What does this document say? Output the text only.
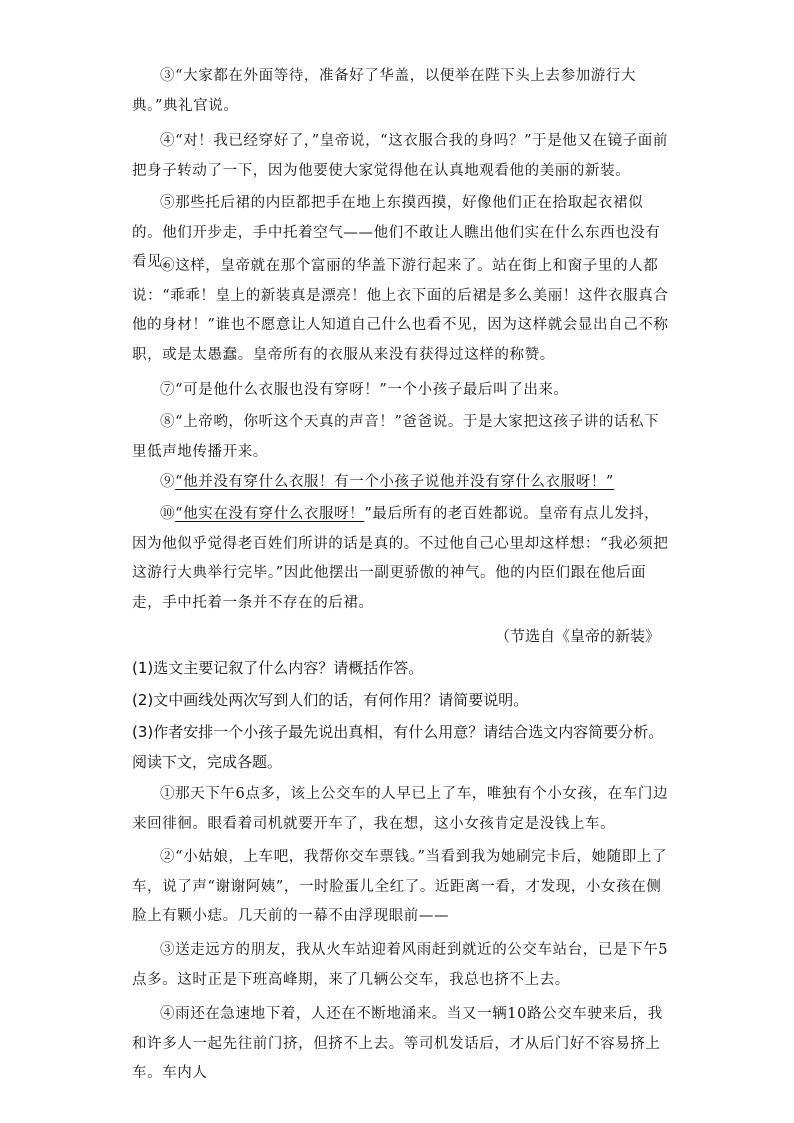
③“大家都在外面等待，准备好了华盖，以便举在陛下头上去参加游行大典。”典礼官说。

④“对！我已经穿好了，”皇帝说，“这衣服合我的身吗？”于是他又在镜子面前把身子转动了一下，因为他要使大家觉得他在认真地观看他的美丽的新装。

⑤那些托后裙的内臣都把手在地上东摸西摸，好像他们正在拾取起衣裙似的。他们开步走，手中托着空气——他们不敢让人瞧出他们实在什么东西也没有看见。

⑥这样，皇帝就在那个富丽的华盖下游行起来了。站在街上和窗子里的人都说：“乖乖！皇上的新装真是漂亮！他上衣下面的后裙是多么美丽！这件衣服真合他的身材！”谁也不愿意让人知道自己什么也看不见，因为这样就会显出自己不称职，或是太愚蠢。皇帝所有的衣服从来没有获得过这样的称赞。

⑦“可是他什么衣服也没有穿呀！”一个小孩子最后叫了出来。

⑧“上帝哟，你听这个天真的声音！”爸爸说。于是大家把这孩子讲的话私下里低声地传播开来。

⑨“他并没有穿什么衣服！有一个小孩子说他并没有穿什么衣服呀！”

⑩“他实在没有穿什么衣服呀！”最后所有的老百姓都说。皇帝有点儿发抖，因为他似乎觉得老百姓们所讲的话是真的。不过他自己心里却这样想：“我必须把这游行大典举行完毕。”因此他摆出一副更骄傲的神气。他的内臣们跟在他后面走，手中托着一条并不存在的后裙。

（节选自《皇帝的新装》

(1)选文主要记叙了什么内容？请概括作答。

(2)文中画线处两次写到人们的话，有何作用？请简要说明。

(3)作者安排一个小孩子最先说出真相，有什么用意？请结合选文内容简要分析。

阅读下文，完成各题。

①那天下午6点多，该上公交车的人早已上了车，唯独有个小女孩，在车门边来回徘徊。眼看着司机就要开车了，我在想，这小女孩肯定是没钱上车。

②“小姑娘，上车吧，我帮你交车票钱。”当看到我为她刷完卡后，她随即上了车，说了声“谢谢阿姨”，一时脸蛋儿全红了。近距离一看，才发现，小女孩在侧脸上有颗小痣。几天前的一幕不由浮现眼前——

③送走远方的朋友，我从火车站迎着风雨赶到就近的公交车站台，已是下午5点多。这时正是下班高峰期，来了几辆公交车，我总也挤不上去。

④雨还在急速地下着，人还在不断地涌来。当又一辆10路公交车驶来后，我和许多人一起先往前门挤，但挤不上去。等司机发话后，才从后门好不容易挤上车。车内人
